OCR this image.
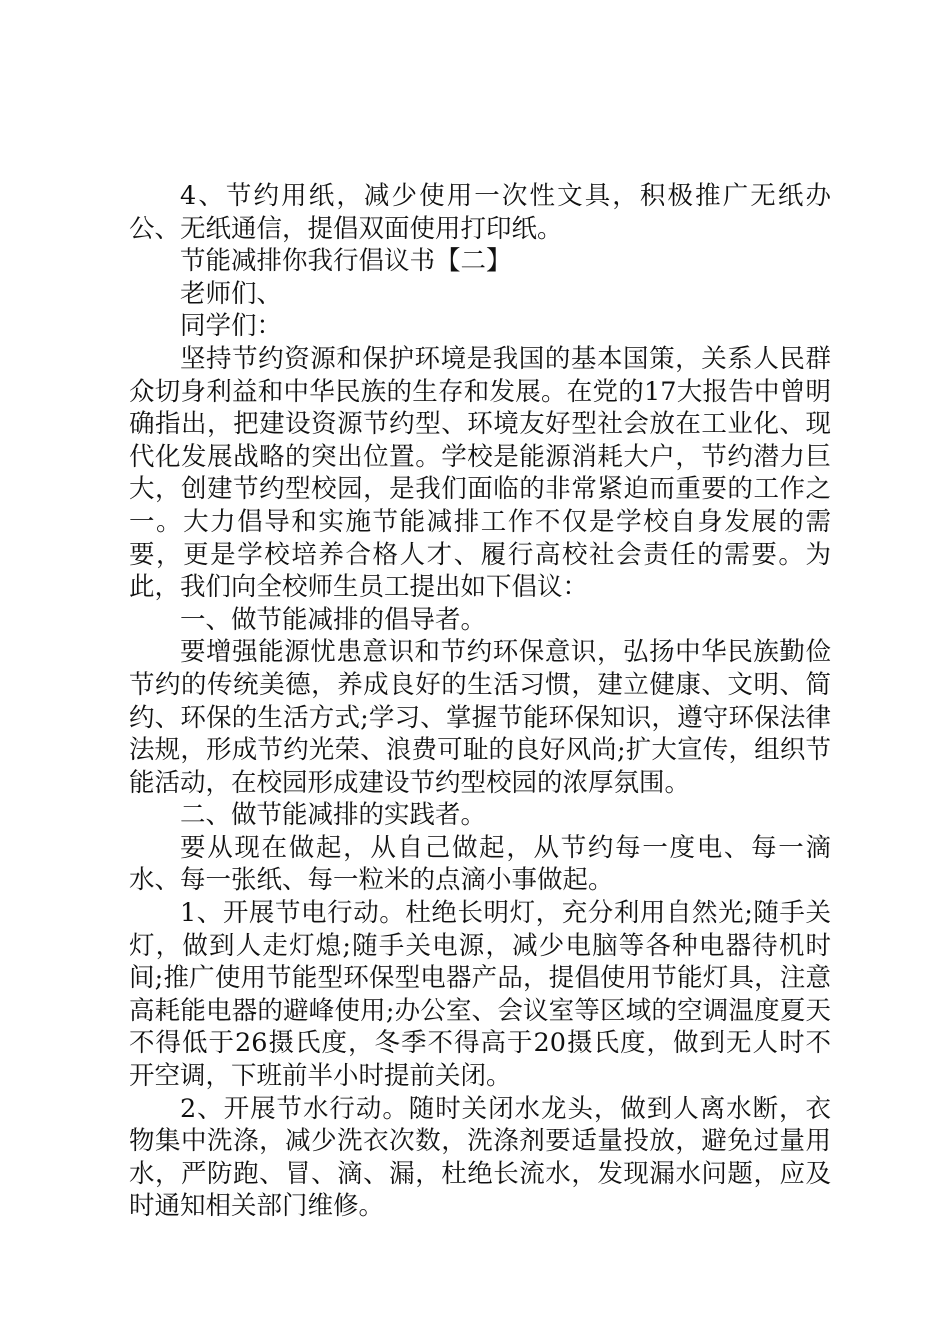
4、节约用纸，减少使用一次性文具，积极推广无纸办公、无纸通信，提倡双面使用打印纸。

节能减排你我行倡议书【二】

老师们、

同学们：

坚持节约资源和保护环境是我国的基本国策，关系人民群众切身利益和中华民族的生存和发展。在党的17大报告中曾明确指出，把建设资源节约型、环境友好型社会放在工业化、现代化发展战略的突出位置。学校是能源消耗大户，节约潜力巨大，创建节约型校园，是我们面临的非常紧迫而重要的工作之一。大力倡导和实施节能减排工作不仅是学校自身发展的需要，更是学校培养合格人才、履行高校社会责任的需要。为此，我们向全校师生员工提出如下倡议：

一、做节能减排的倡导者。

要增强能源忧患意识和节约环保意识，弘扬中华民族勤俭节约的传统美德，养成良好的生活习惯，建立健康、文明、简约、环保的生活方式;学习、掌握节能环保知识，遵守环保法律法规，形成节约光荣、浪费可耻的良好风尚;扩大宣传，组织节能活动，在校园形成建设节约型校园的浓厚氛围。

二、做节能减排的实践者。

要从现在做起，从自己做起，从节约每一度电、每一滴水、每一张纸、每一粒米的点滴小事做起。

1、开展节电行动。杜绝长明灯，充分利用自然光;随手关灯，做到人走灯熄;随手关电源，减少电脑等各种电器待机时间;推广使用节能型环保型电器产品，提倡使用节能灯具，注意高耗能电器的避峰使用;办公室、会议室等区域的空调温度夏天不得低于26摄氏度，冬季不得高于20摄氏度，做到无人时不开空调，下班前半小时提前关闭。

2、开展节水行动。随时关闭水龙头，做到人离水断，衣物集中洗涤，减少洗衣次数，洗涤剂要适量投放，避免过量用水，严防跑、冒、滴、漏，杜绝长流水，发现漏水问题，应及时通知相关部门维修。
